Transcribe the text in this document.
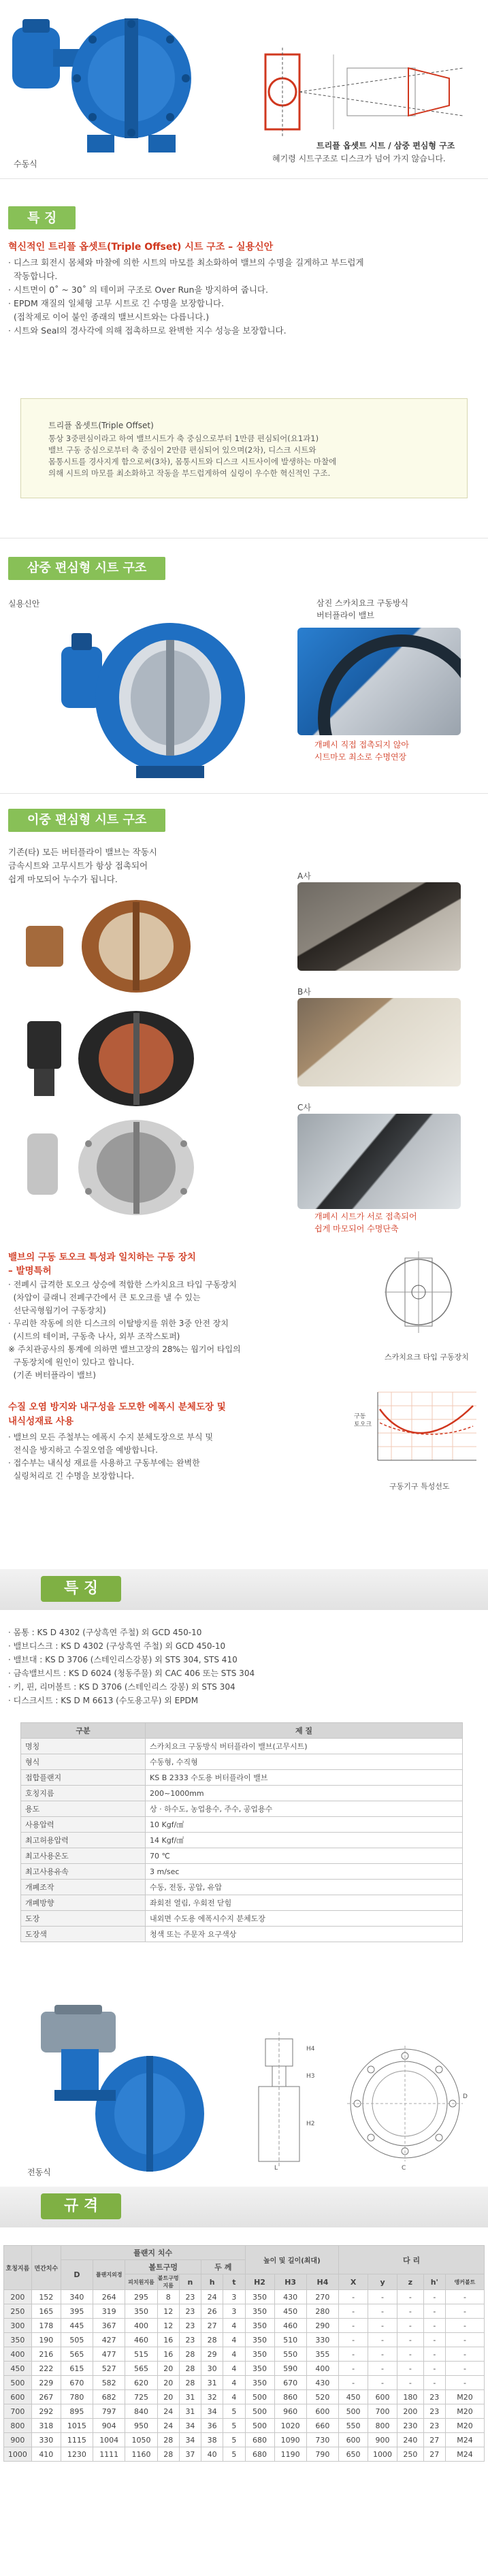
수동식
트리플 옵셋트 시트 / 삼중 편심형 구조
혜기령 시트구조로 디스크가 넘어 가지 않습니다.
특 징
혁신적인 트리플 옵셋트(Triple Offset) 시트 구조 – 실용신안
· 디스크 회전시 몸체와 마찰에 의한 시트의 마모를 최소화하여 밸브의 수명을 길게하고 부드럽게
작동합니다.
· 시트면이 0˚ ~ 30˚ 의 테이퍼 구조로 Over Run을 방지하여 줍니다.
· EPDM 재질의 일체형 고무 시트로 긴 수명을 보장합니다.
(접착제로 이어 붙인 종래의 밸브시트와는 다릅니다.)
· 시트와 Seal의 경사각에 의해 접촉하므로 완벽한 지수 성능을 보장합니다.
트리플 옵셋트(Triple Offset)
통상 3중편심이라고 하여 밸브시트가 축 중심으로부터 1만큼 편심되어(요1과1)
밸브 구동 중심으로부터 축 중심이 2만큼 편심되어 있으며(2차), 디스크 시트와
몸통시트를 경사지게 함으로써(3차), 몸통시트와 디스크 시트사이에 발생하는 마찰에
의해 시트의 마모를 최소화하고 작동을 부드럽게하여 실링이 우수한 혁신적인 구조.
삼중 편심형 시트 구조
실용신안	삼진 스카치요크 구동방식
버터플라이 밸브
개폐시 직접 접촉되지 않아
시트마모 최소로 수명연장
이중 편심형 시트 구조
기존(타) 모든 버터플라이 밸브는 작동시
금속시트와 고무시트가 항상 접촉되어
쉽게 마모되어 누수가 됩니다.	A사
B사
C사
개폐시 시트가 서로 접촉되어
쉽게 마모되어 수명단축
밸브의 구동 토오크 특성과 일치하는 구동 장치
– 발명특허
· 전폐시 급격한 토오크 상승에 적합한 스카치요크 타입 구동장치
(차압이 클래니 전폐구간에서 큰 토오크를 낼 수 있는
선단곡형웜기어 구동장치)
· 무리한 작동에 의한 디스크의 이탈방지를 위한 3중 안전 장치
(시트의 테이퍼, 구동축 나사, 외부 조작스토퍼)
※ 주치관공사의 통계에 의하면 밸브고장의 28%는 웜기어 타입의
구동장치에 원인이 있다고 합니다.
(기존 버터플라이 밸브)
스카치요크 타입 구동장치
구동
토오크
구동기구 특성선도
수질 오염 방지와 내구성을 도모한 에폭시 분체도장 및
내식성재료 사용
· 밸브의 모든 주철부는 에폭시 수지 분체도장으로 부식 및
전식을 방지하고 수질오염을 예방합니다.
· 접수부는 내식성 재료를 사용하고 구동부에는 완벽한
실링처리로 긴 수명을 보장합니다.
특 징
· 몸통 : KS D 4302 (구상흑연 주철) 외 GCD 450-10
· 밸브디스크 : KS D 4302 (구상흑연 주철) 외 GCD 450-10
· 밸브대 : KS D 3706 (스테인리스강봉) 외 STS 304, STS 410
· 금속밸브시트 : KS D 6024 (청동주물) 외 CAC 406 또는 STS 304
· 키, 핀, 리머볼트 : KS D 3706 (스테인리스 강봉) 외 STS 304
· 디스크시트 : KS D M 6613 (수도용고무) 외 EPDM
구분	제 질
명칭	스카치요크 구동방식 버터플라이 밸브(고무시트)
형식	수동형, 수직형
접합플랜지	KS B 2333 수도용 버터플라이 밸브
호칭지름	200~1000mm
용도	상 · 하수도, 농업용수, 주수, 공업용수
사용압력	10 Kgf/㎠
최고허용압력	14 Kgf/㎠
최고사용온도	70 ℃
최고사용유속	3 m/sec
개폐조작	수동, 전동, 공압, 유압
개폐방향	좌회전 열림, 우회전 닫힘
도장	내외면 수도용 에폭시수지 분체도장
도장색	청색 또는 주문자 요구색상
전동식
H4
H3
H2
L
D
C
규 격
호칭지름	면간치수	플랜지 치수							높이 및 길이(최대)			다 리				
		D	플랜지외경	볼트구멍			두 께									
				피치원지름	볼트구멍지름	n	h	t	H2	H3	H4	X	y	z	h'	앵커볼트
200	152	340	264	295	8	23	24	3	350	430	270	-	-	-	-	-
250	165	395	319	350	12	23	26	3	350	450	280	-	-	-	-	-
300	178	445	367	400	12	23	27	4	350	460	290	-	-	-	-	-
350	190	505	427	460	16	23	28	4	350	510	330	-	-	-	-	-
400	216	565	477	515	16	28	29	4	350	550	355	-	-	-	-	-
450	222	615	527	565	20	28	30	4	350	590	400	-	-	-	-	-
500	229	670	582	620	20	28	31	4	350	670	430	-	-	-	-	-
600	267	780	682	725	20	31	32	4	500	860	520	450	600	180	23	M20
700	292	895	797	840	24	31	34	5	500	960	600	500	700	200	23	M20
800	318	1015	904	950	24	34	36	5	500	1020	660	550	800	230	23	M20
900	330	1115	1004	1050	28	34	38	5	680	1090	730	600	900	240	27	M24
1000	410	1230	1111	1160	28	37	40	5	680	1190	790	650	1000	250	27	M24
